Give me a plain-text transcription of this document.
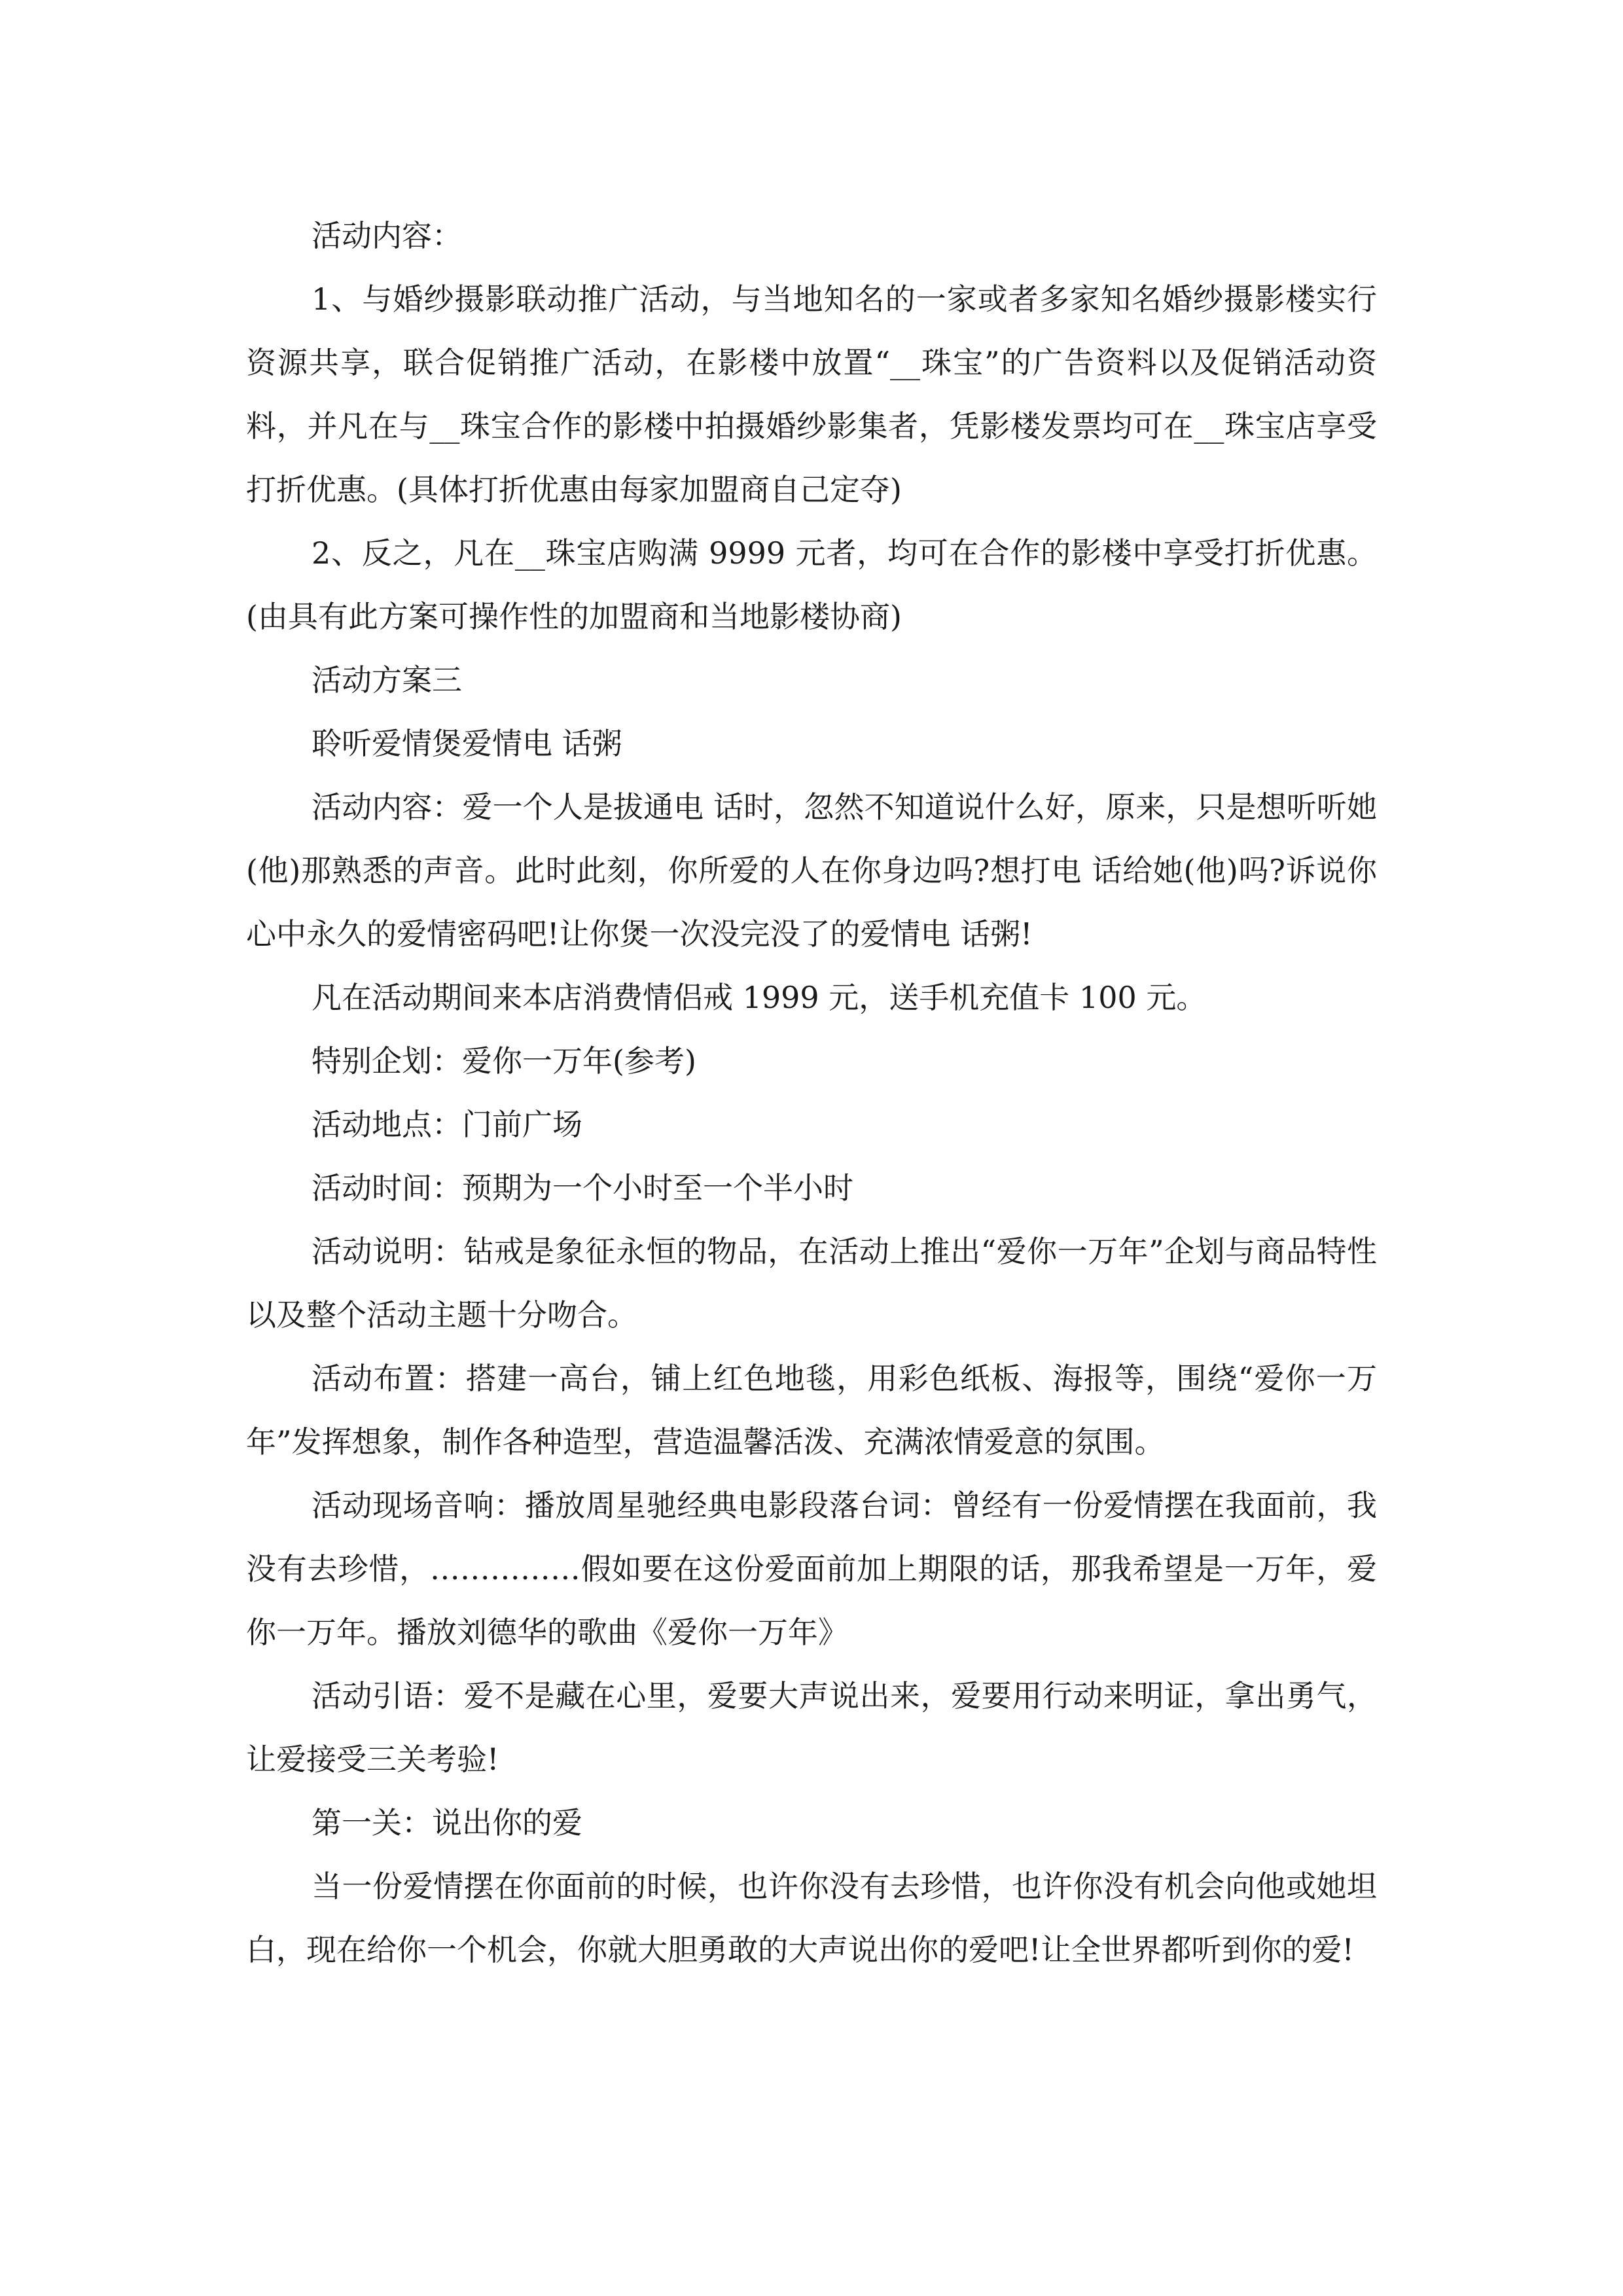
活动内容：

1、与婚纱摄影联动推广活动，与当地知名的一家或者多家知名婚纱摄影楼实行资源共享，联合促销推广活动，在影楼中放置“__珠宝”的广告资料以及促销活动资料，并凡在与__珠宝合作的影楼中拍摄婚纱影集者，凭影楼发票均可在__珠宝店享受打折优惠。(具体打折优惠由每家加盟商自己定夺)

2、反之，凡在__珠宝店购满 9999 元者，均可在合作的影楼中享受打折优惠。(由具有此方案可操作性的加盟商和当地影楼协商)

活动方案三

聆听爱情煲爱情电 话粥

活动内容：爱一个人是拔通电 话时，忽然不知道说什么好，原来，只是想听听她(他)那熟悉的声音。此时此刻，你所爱的人在你身边吗?想打电 话给她(他)吗?诉说你心中永久的爱情密码吧!让你煲一次没完没了的爱情电 话粥!

凡在活动期间来本店消费情侣戒 1999 元，送手机充值卡 100 元。

特别企划：爱你一万年(参考)

活动地点：门前广场

活动时间：预期为一个小时至一个半小时

活动说明：钻戒是象征永恒的物品，在活动上推出“爱你一万年”企划与商品特性以及整个活动主题十分吻合。

活动布置：搭建一高台，铺上红色地毯，用彩色纸板、海报等，围绕“爱你一万年”发挥想象，制作各种造型，营造温馨活泼、充满浓情爱意的氛围。

活动现场音响：播放周星驰经典电影段落台词：曾经有一份爱情摆在我面前，我没有去珍惜，……………假如要在这份爱面前加上期限的话，那我希望是一万年，爱你一万年。播放刘德华的歌曲《爱你一万年》

活动引语：爱不是藏在心里，爱要大声说出来，爱要用行动来明证，拿出勇气，让爱接受三关考验!

第一关：说出你的爱

当一份爱情摆在你面前的时候，也许你没有去珍惜，也许你没有机会向他或她坦白，现在给你一个机会，你就大胆勇敢的大声说出你的爱吧!让全世界都听到你的爱!
